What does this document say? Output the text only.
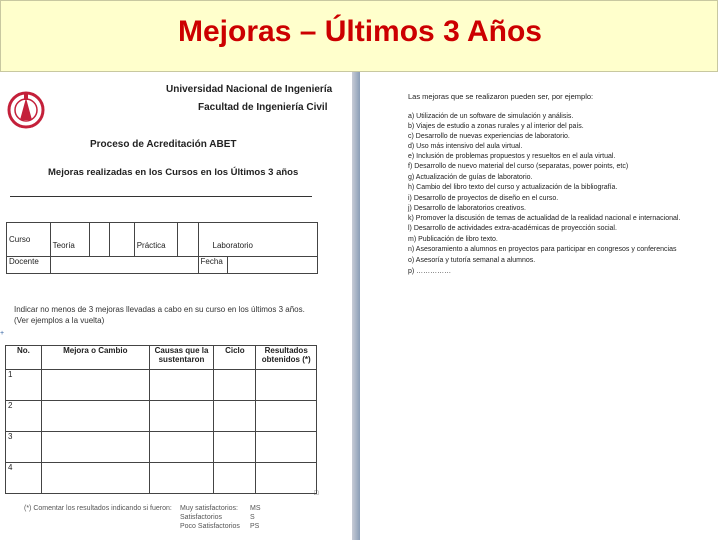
Mejoras – Últimos 3 Años
Universidad Nacional de Ingeniería
Facultad de Ingeniería Civil
Proceso de Acreditación ABET
Mejoras realizadas en los Cursos en los Últimos 3 años
Curso	Teoría			Práctica		Laboratorio	

Docente						Fecha	
Indicar no menos de 3 mejoras llevadas a cabo en su curso en los últimos 3 años.
(Ver ejemplos a la vuelta)
+
No.	Mejora o Cambio	Causas que la sustentaron	Ciclo	Resultados obtenidos (*)
1				
2				
3				
4				
□
(*) Comentar los resultados indicando si fueron: Muy satisfactorios: MS
Satisfactorios	S
Poco Satisfactorios PS
Las mejoras que se realizaron pueden ser, por ejemplo:
a) Utilización de un software de simulación y análisis.
b) Viajes de estudio a zonas rurales y al interior del país.
c) Desarrollo de nuevas experiencias de laboratorio.
d) Uso más intensivo del aula virtual.
e) Inclusión de problemas propuestos y resueltos en el aula virtual.
f) Desarrollo de nuevo material del curso (separatas, power points, etc)
g) Actualización de guías de laboratorio.
h) Cambio del libro texto del curso y actualización de la bibliografía.
i) Desarrollo de proyectos de diseño en el curso.
j) Desarrollo de laboratorios creativos.
k) Promover la discusión de temas de actualidad de la realidad nacional e internacional.
l) Desarrollo de actividades extra-académicas de proyección social.
m) Publicación de libro texto.
n) Asesoramiento a alumnos en proyectos para participar en congresos y conferencias
o) Asesoría y tutoría semanal a alumnos.
p) ……………
